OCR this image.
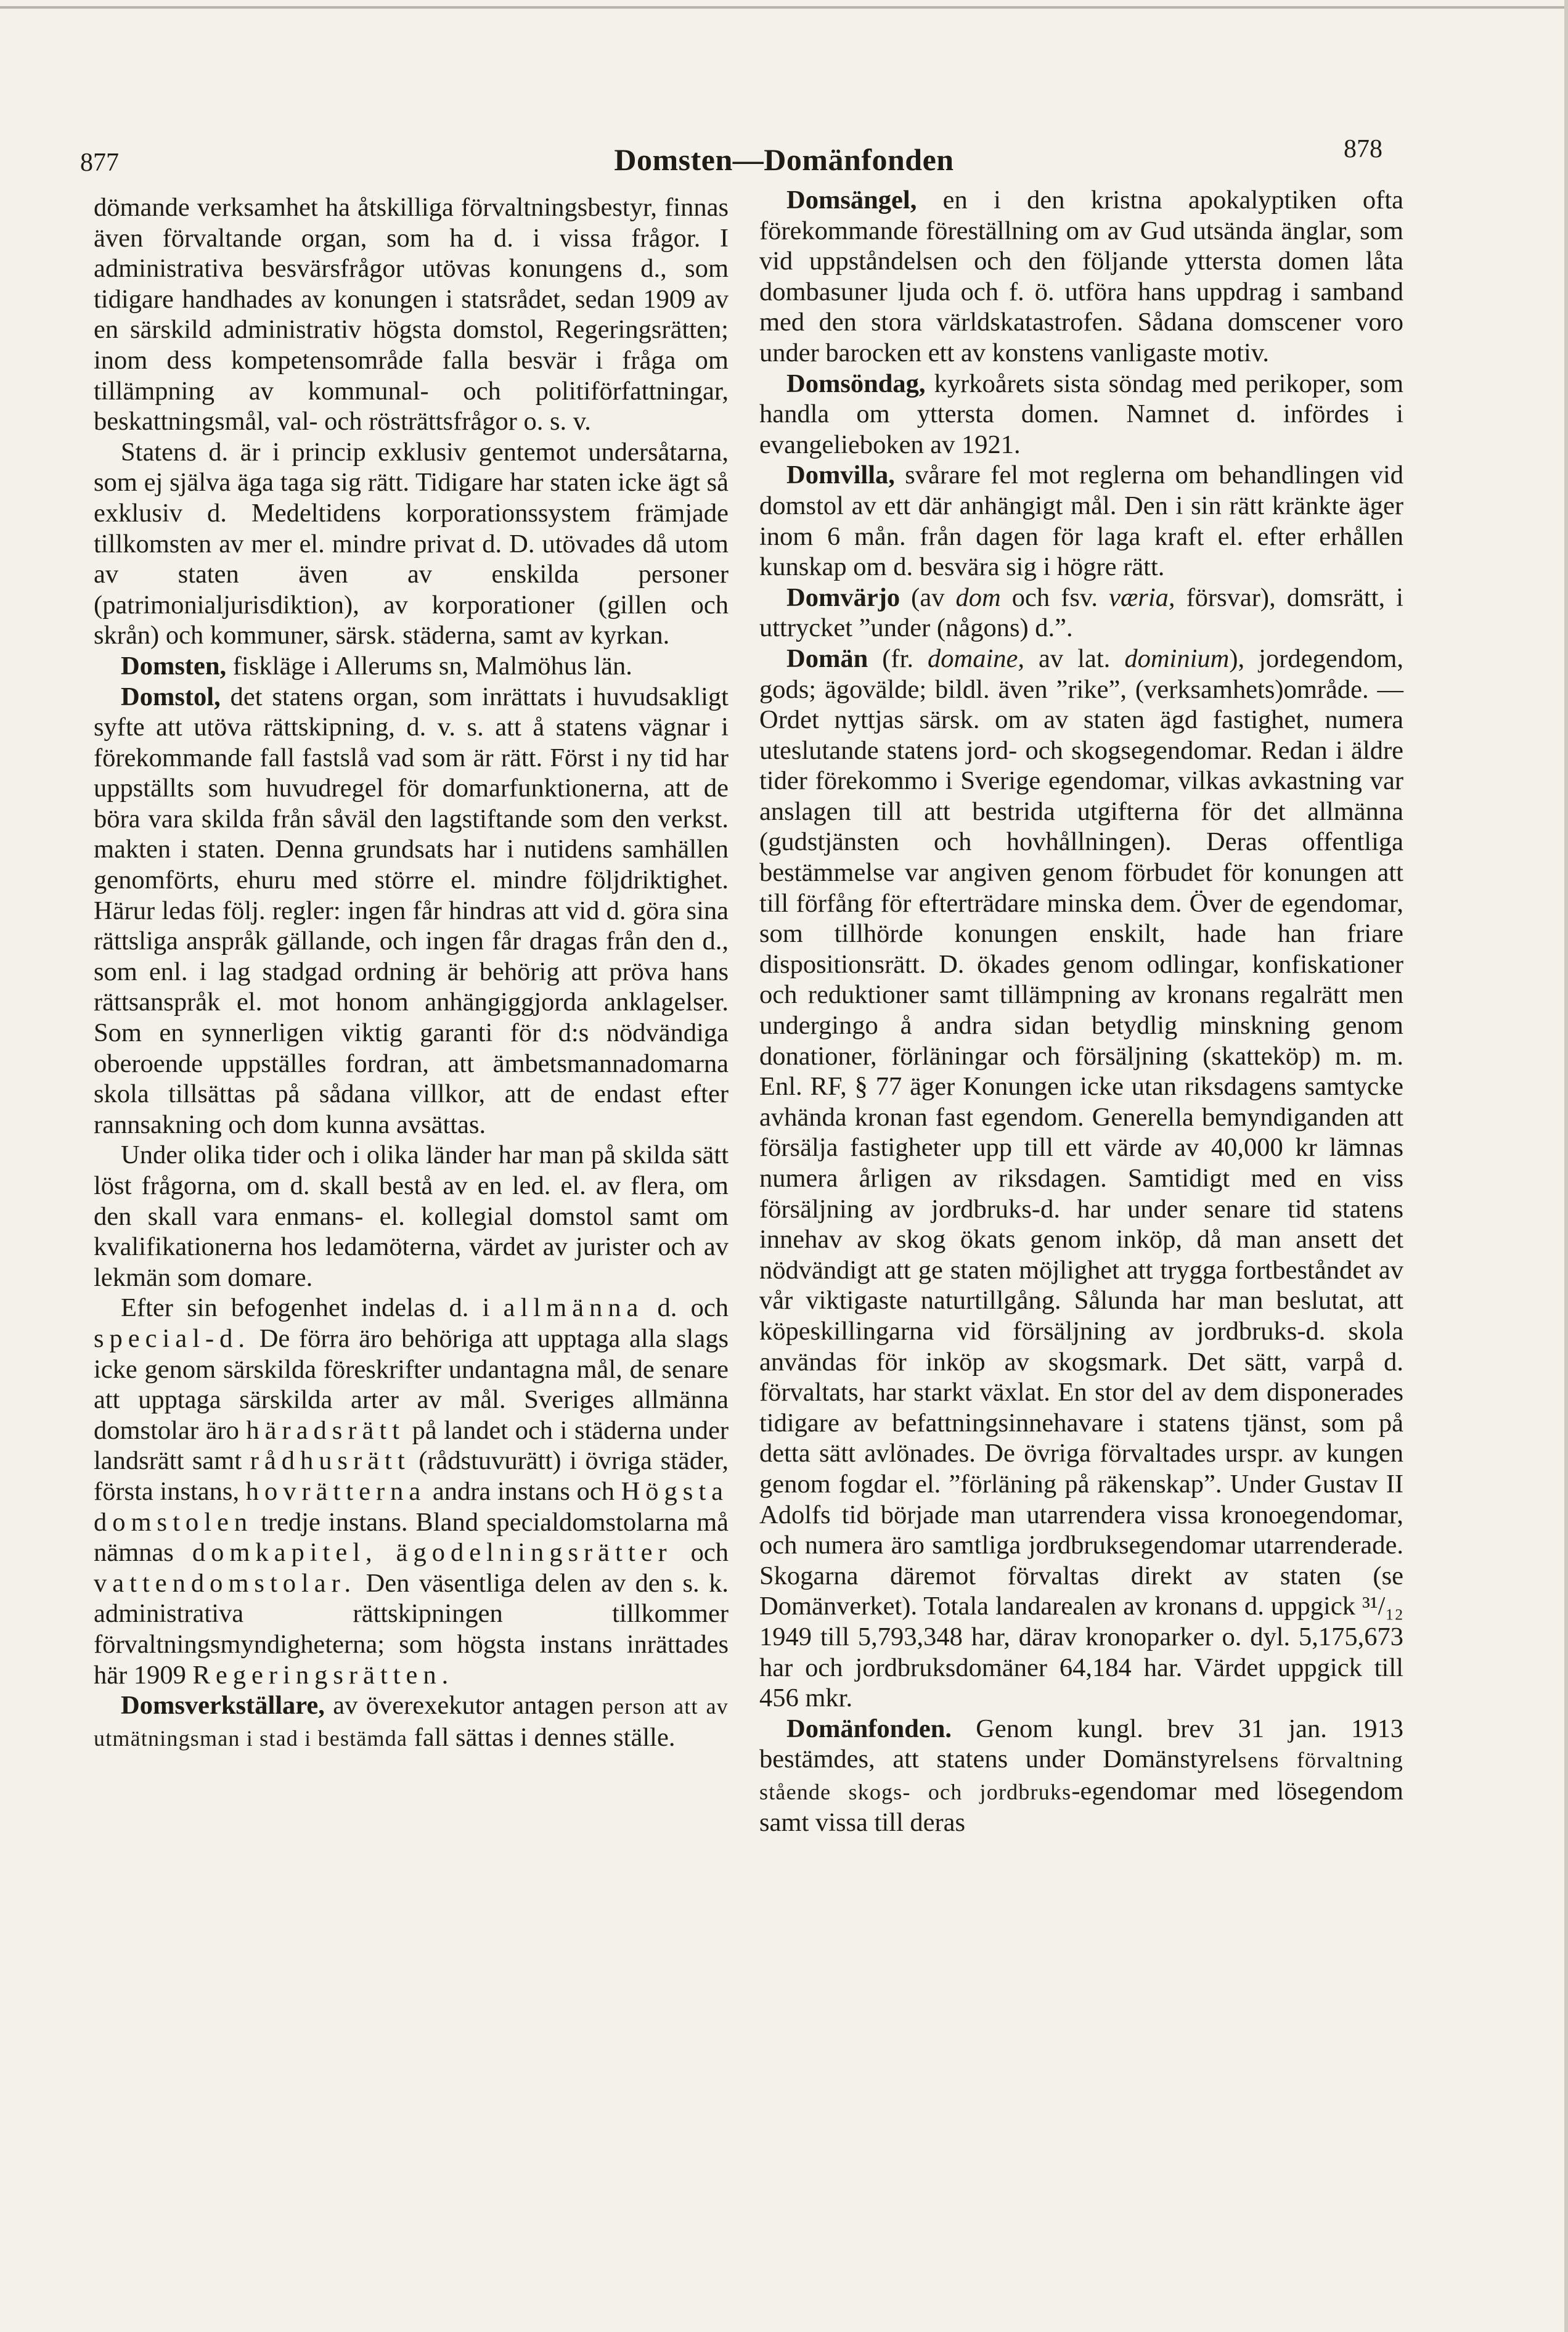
877	Domsten—Domänfonden	878

dömande verksamhet ha åtskilliga förvaltningsbestyr, finnas även förvaltande organ, som ha d. i vissa frågor. I administrativa besvärsfrågor utövas konungens d., som tidigare handhades av konungen i statsrådet, sedan 1909 av en särskild administrativ högsta domstol, Regeringsrätten; inom dess kompetensområde falla besvär i fråga om tillämpning av kommunal- och politiförfattningar, beskattningsmål, val- och rösträttsfrågor o. s. v.

Statens d. är i princip exklusiv gentemot undersåtarna, som ej själva äga taga sig rätt. Tidigare har staten icke ägt så exklusiv d. Medeltidens korporationssystem främjade tillkomsten av mer el. mindre privat d. D. utövades då utom av staten även av enskilda personer (patrimonialjurisdiktion), av korporationer (gillen och skrån) och kommuner, särsk. städerna, samt av kyrkan.

Domsten, fiskläge i Allerums sn, Malmöhus län.

Domstol, det statens organ, som inrättats i huvudsakligt syfte att utöva rättskipning, d. v. s. att å statens vägnar i förekommande fall fastslå vad som är rätt. Först i ny tid har uppställts som huvudregel för domarfunktionerna, att de böra vara skilda från såväl den lagstiftande som den verkst. makten i staten. Denna grundsats har i nutidens samhällen genomförts, ehuru med större el. mindre följdriktighet. Härur ledas följ. regler: ingen får hindras att vid d. göra sina rättsliga anspråk gällande, och ingen får dragas från den d., som enl. i lag stadgad ordning är behörig att pröva hans rättsanspråk el. mot honom anhängiggjorda anklagelser. Som en synnerligen viktig garanti för d:s nödvändiga oberoende uppställes fordran, att ämbetsmannadomarna skola tillsättas på sådana villkor, att de endast efter rannsakning och dom kunna avsättas.

Under olika tider och i olika länder har man på skilda sätt löst frågorna, om d. skall bestå av en led. el. av flera, om den skall vara enmans- el. kollegial domstol samt om kvalifikationerna hos ledamöterna, värdet av jurister och av lekmän som domare.

Efter sin befogenhet indelas d. i allmänna d. och special-d. De förra äro behöriga att upptaga alla slags icke genom särskilda föreskrifter undantagna mål, de senare att upptaga särskilda arter av mål. Sveriges allmänna domstolar äro häradsrätt på landet och i städerna under landsrätt samt rådhusrätt (rådstuvurätt) i övriga städer, första instans, hovrätterna andra instans och Högsta domstolen tredje instans. Bland specialdomstolarna må nämnas domkapitel, ägodelningsrätter och vattendomstolar. Den väsentliga delen av den s. k. administrativa rättskipningen tillkommer förvaltningsmyndigheterna; som högsta instans inrättades här 1909 Regeringsrätten.

Domsverkställare, av överexekutor antagen person att av utmätningsman i stad i bestämda fall sättas i dennes ställe.

Domsängel, en i den kristna apokalyptiken ofta förekommande föreställning om av Gud utsända änglar, som vid uppståndelsen och den följande yttersta domen låta dombasuner ljuda och f. ö. utföra hans uppdrag i samband med den stora världskatastrofen. Sådana domscener voro under barocken ett av konstens vanligaste motiv.

Domsöndag, kyrkoårets sista söndag med perikoper, som handla om yttersta domen. Namnet d. infördes i evangelieboken av 1921.

Domvilla, svårare fel mot reglerna om behandlingen vid domstol av ett där anhängigt mål. Den i sin rätt kränkte äger inom 6 mån. från dagen för laga kraft el. efter erhållen kunskap om d. besvära sig i högre rätt.

Domvärjo (av dom och fsv. væria, försvar), domsrätt, i uttrycket ”under (någons) d.”.

Domän (fr. domaine, av lat. dominium), jordegendom, gods; ägovälde; bildl. även ”rike”, (verksamhets)område. — Ordet nyttjas särsk. om av staten ägd fastighet, numera uteslutande statens jord- och skogsegendomar. Redan i äldre tider förekommo i Sverige egendomar, vilkas avkastning var anslagen till att bestrida utgifterna för det allmänna (gudstjänsten och hovhållningen). Deras offentliga bestämmelse var angiven genom förbudet för konungen att till förfång för efterträdare minska dem. Över de egendomar, som tillhörde konungen enskilt, hade han friare dispositionsrätt. D. ökades genom odlingar, konfiskationer och reduktioner samt tillämpning av kronans regalrätt men undergingo å andra sidan betydlig minskning genom donationer, förläningar och försäljning (skatteköp) m. m. Enl. RF, § 77 äger Konungen icke utan riksdagens samtycke avhända kronan fast egendom. Generella bemyndiganden att försälja fastigheter upp till ett värde av 40,000 kr lämnas numera årligen av riksdagen. Samtidigt med en viss försäljning av jordbruks-d. har under senare tid statens innehav av skog ökats genom inköp, då man ansett det nödvändigt att ge staten möjlighet att trygga fortbeståndet av vår viktigaste naturtillgång. Sålunda har man beslutat, att köpeskillingarna vid försäljning av jordbruks-d. skola användas för inköp av skogsmark. Det sätt, varpå d. förvaltats, har starkt växlat. En stor del av dem disponerades tidigare av befattningsinnehavare i statens tjänst, som på detta sätt avlönades. De övriga förvaltades urspr. av kungen genom fogdar el. ”förläning på räkenskap”. Under Gustav II Adolfs tid började man utarrendera vissa kronoegendomar, och numera äro samtliga jordbruksegendomar utarrenderade. Skogarna däremot förvaltas direkt av staten (se Domänverket). Totala landarealen av kronans d. uppgick ³¹/₁₂ 1949 till 5,793,348 har, därav kronoparker o. dyl. 5,175,673 har och jordbruksdomäner 64,184 har. Värdet uppgick till 456 mkr.

Domänfonden. Genom kungl. brev 31 jan. 1913 bestämdes, att statens under Domänstyrelsens förvaltning stående skogs- och jordbruks-egendomar med lösegendom samt vissa till deras
